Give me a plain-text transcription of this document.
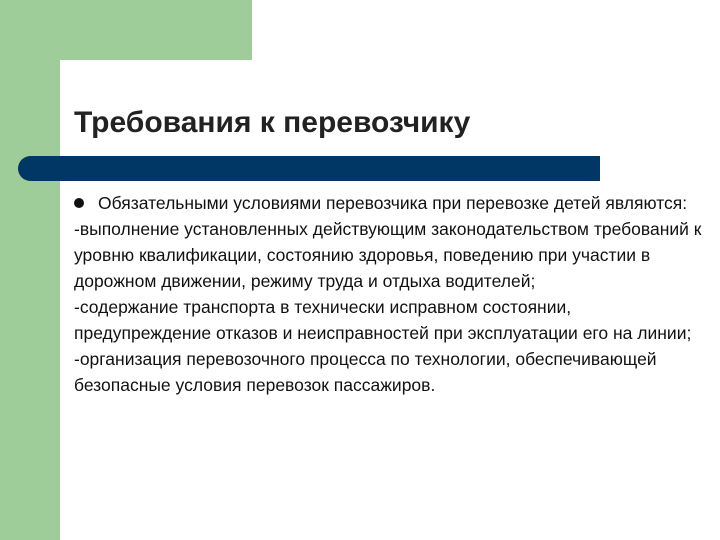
Требования к перевозчику
Обязательными условиями перевозчика при перевозке детей являются:

-выполнение установленных действующим законодательством требований к уровню квалификации, состоянию здоровья, поведению при участии в дорожном движении, режиму труда и отдыха водителей;

-содержание транспорта в технически исправном состоянии, предупреждение отказов и неисправностей при эксплуатации его на линии;

-организация перевозочного процесса по технологии, обеспечивающей безопасные условия перевозок пассажиров.
